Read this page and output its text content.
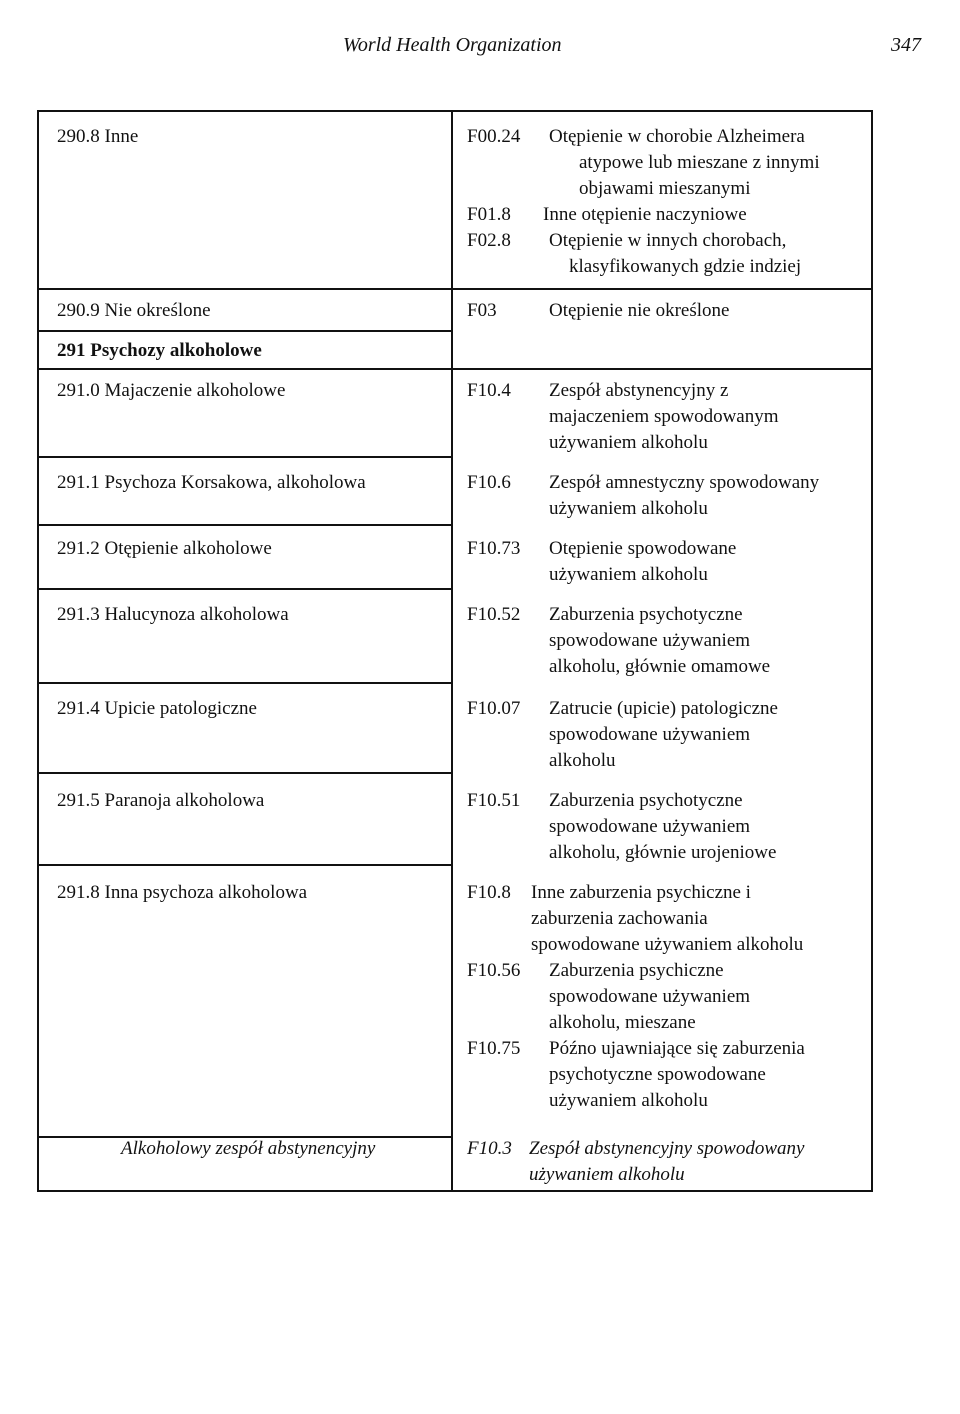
World Health Organization	347
290.8 Inne	F00.24 Otępienie w chorobie Alzheimera
atypowe lub mieszane z innymi
objawami mieszanymi
F01.8 Inne otępienie naczyniowe
F02.8 Otępienie w innych chorobach,
klasyfikowanych gdzie indziej
290.9 Nie określone	F03	Otępienie nie określone
291 Psychozy alkoholowe
291.0 Majaczenie alkoholowe	F10.4 Zespół abstynencyjny z
majaczeniem spowodowanym
używaniem alkoholu
291.1 Psychoza Korsakowa, alkoholowa	F10.6 Zespół amnestyczny spowodowany
używaniem alkoholu
291.2 Otępienie alkoholowe	F10.73 Otępienie spowodowane
używaniem alkoholu
291.3 Halucynoza alkoholowa	F10.52 Zaburzenia psychotyczne
spowodowane używaniem
alkoholu, głównie omamowe
291.4 Upicie patologiczne	F10.07 Zatrucie (upicie) patologiczne
spowodowane używaniem
alkoholu
291.5 Paranoja alkoholowa	F10.51 Zaburzenia psychotyczne
spowodowane używaniem
alkoholu, głównie urojeniowe
291.8 Inna psychoza alkoholowa	F10.8 Inne zaburzenia psychiczne i
zaburzenia zachowania
spowodowane używaniem alkoholu
F10.56 Zaburzenia psychiczne
spowodowane używaniem
alkoholu, mieszane
F10.75 Późno ujawniające się zaburzenia
psychotyczne spowodowane
używaniem alkoholu
Alkoholowy zespół abstynencyjny	F10.3 Zespół abstynencyjny spowodowany
używaniem alkoholu
